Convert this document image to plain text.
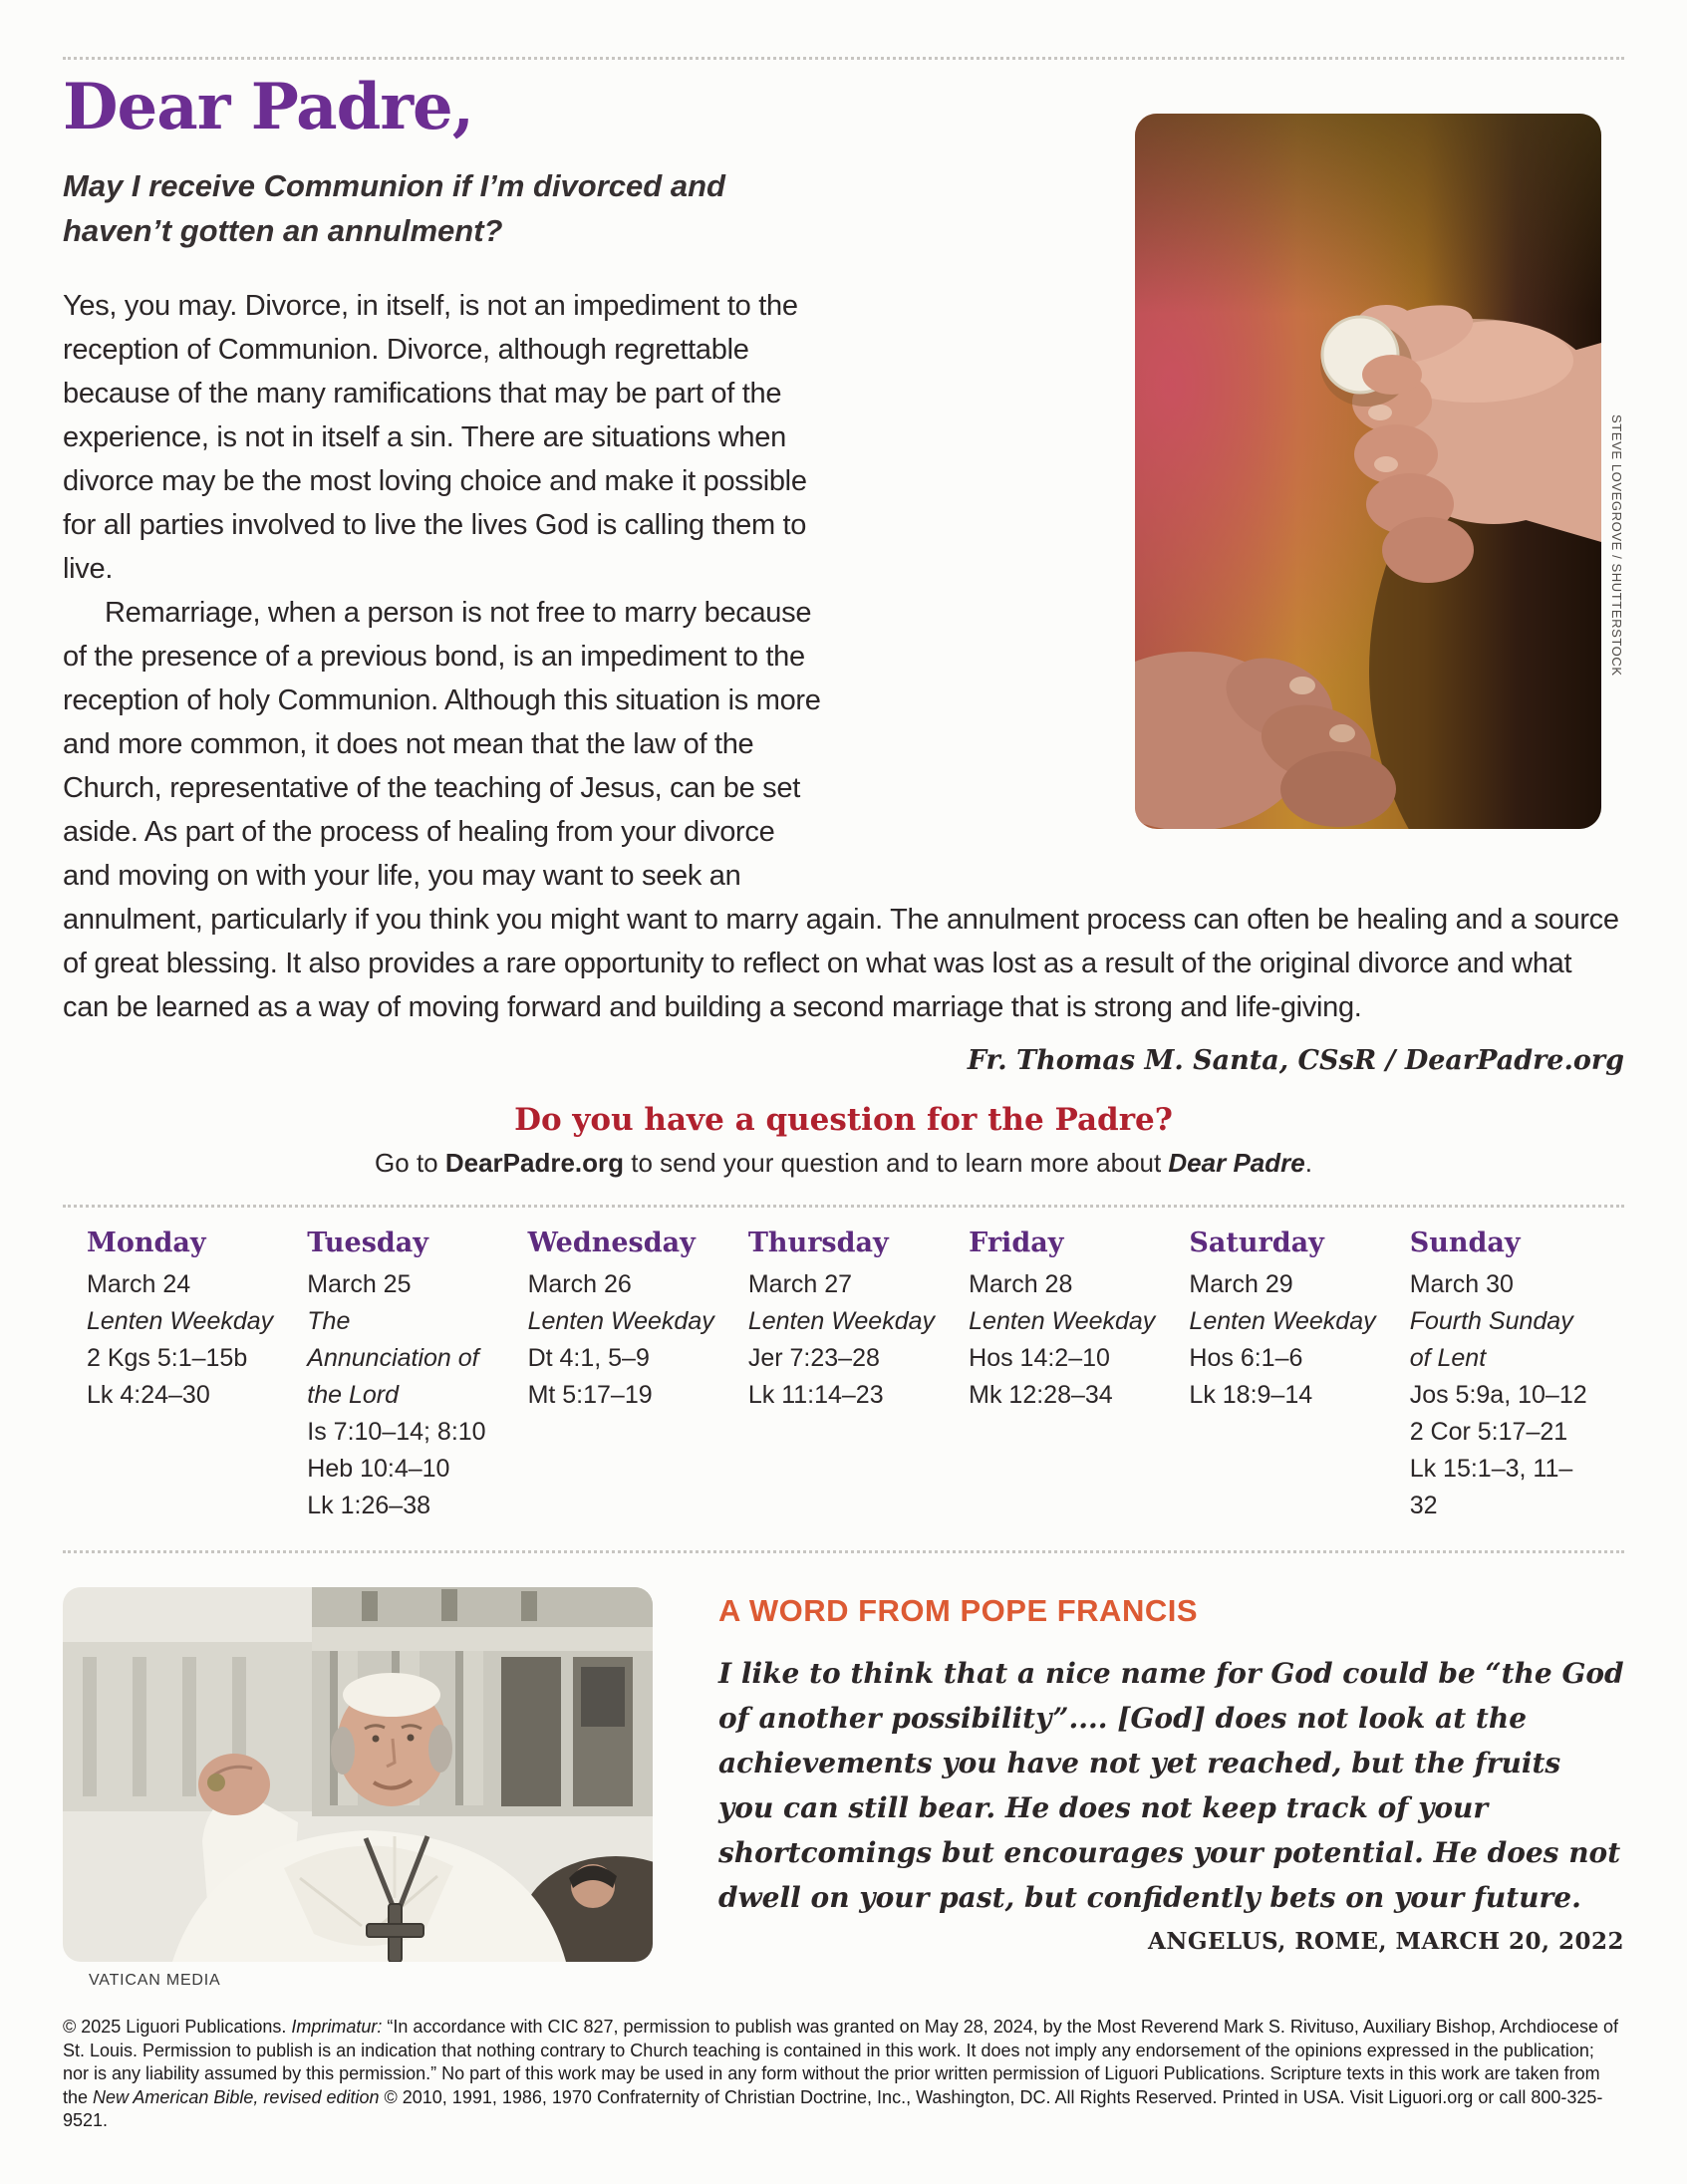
STEVE LOVEGROVE / SHUTTERSTOCK
Dear Padre,
May I receive Communion if I’m divorced and haven’t gotten an annulment?

Yes, you may. Divorce, in itself, is not an impediment to the reception of Communion. Divorce, although regrettable because of the many ramifications that may be part of the experience, is not in itself a sin. There are situations when divorce may be the most loving choice and make it possible for all parties involved to live the lives God is calling them to live.

Remarriage, when a person is not free to marry because of the presence of a previous bond, is an impediment to the reception of holy Communion. Although this situation is more and more common, it does not mean that the law of the Church, representative of the teaching of Jesus, can be set aside. As part of the process of healing from your divorce and moving on with your life, you may want to seek an annulment, particularly if you think you might want to marry again. The annulment process can often be healing and a source of great blessing. It also provides a rare opportunity to reflect on what was lost as a result of the original divorce and what can be learned as a way of moving forward and building a second marriage that is strong and life-giving.

Fr. Thomas M. Santa, CSsR / DearPadre.org

Do you have a question for the Padre?
Go to DearPadre.org to send your question and to learn more about Dear Padre.
Monday
March 24
Lenten Weekday
2 Kgs 5:1–15b
Lk 4:24–30
Tuesday
March 25
The Annunciation of the Lord
Is 7:10–14; 8:10
Heb 10:4–10
Lk 1:26–38
Wednesday
March 26
Lenten Weekday
Dt 4:1, 5–9
Mt 5:17–19
Thursday
March 27
Lenten Weekday
Jer 7:23–28
Lk 11:14–23
Friday
March 28
Lenten Weekday
Hos 14:2–10
Mk 12:28–34
Saturday
March 29
Lenten Weekday
Hos 6:1–6
Lk 18:9–14
Sunday
March 30
Fourth Sunday of Lent
Jos 5:9a, 10–12
2 Cor 5:17–21
Lk 15:1–3, 11–32
VATICAN MEDIA
A WORD FROM POPE FRANCIS
I like to think that a nice name for God could be “the God of another possibility”.... [God] does not look at the achievements you have not yet reached, but the fruits you can still bear. He does not keep track of your shortcomings but encourages your potential. He does not dwell on your past, but confidently bets on your future.
ANGELUS, ROME, MARCH 20, 2022

© 2025 Liguori Publications. Imprimatur: “In accordance with CIC 827, permission to publish was granted on May 28, 2024, by the Most Reverend Mark S. Rivituso, Auxiliary Bishop, Archdiocese of St. Louis. Permission to publish is an indication that nothing contrary to Church teaching is contained in this work. It does not imply any endorsement of the opinions expressed in the publication; nor is any liability assumed by this permission.” No part of this work may be used in any form without the prior written permission of Liguori Publications. Scripture texts in this work are taken from the New American Bible, revised edition © 2010, 1991, 1986, 1970 Confraternity of Christian Doctrine, Inc., Washington, DC. All Rights Reserved. Printed in USA. Visit Liguori.org or call 800-325-9521.
